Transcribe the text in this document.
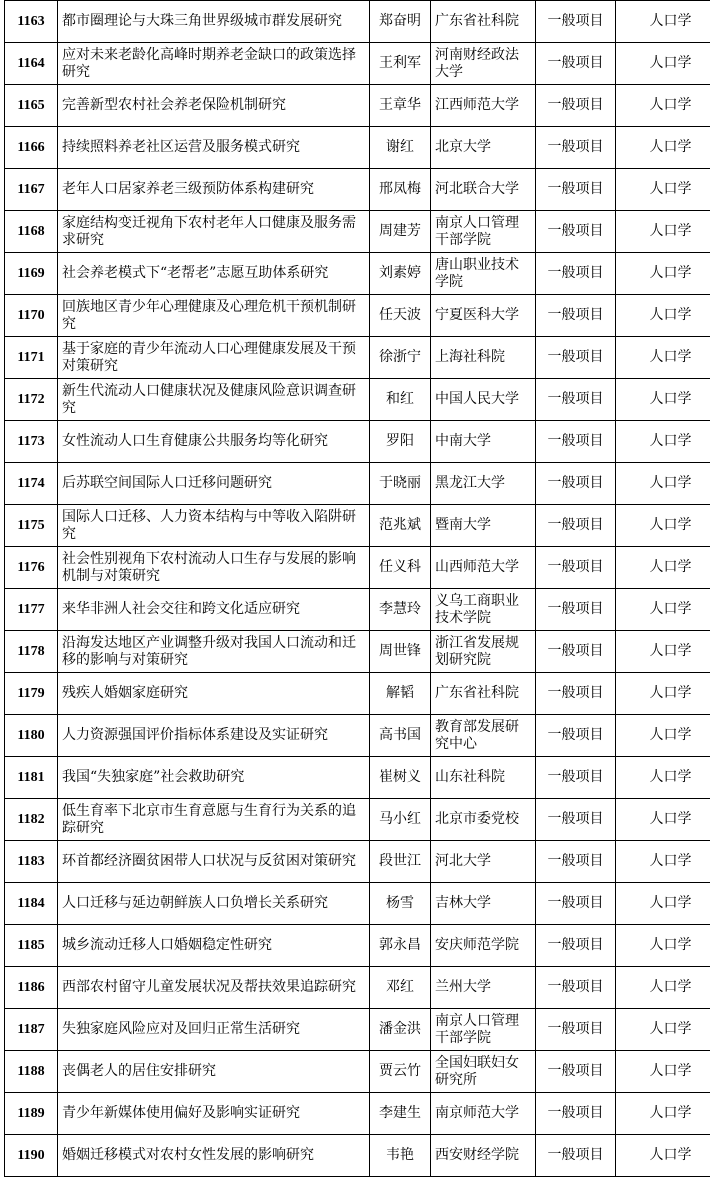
1163	都市圈理论与大珠三角世界级城市群发展研究	郑奋明	广东省社科院	一般项目	人口学
1164	应对未来老龄化高峰时期养老金缺口的政策选择研究	王利军	河南财经政法大学	一般项目	人口学
1165	完善新型农村社会养老保险机制研究	王章华	江西师范大学	一般项目	人口学
1166	持续照料养老社区运营及服务模式研究	谢红	北京大学	一般项目	人口学
1167	老年人口居家养老三级预防体系构建研究	邢凤梅	河北联合大学	一般项目	人口学
1168	家庭结构变迁视角下农村老年人口健康及服务需求研究	周建芳	南京人口管理干部学院	一般项目	人口学
1169	社会养老模式下“老帮老”志愿互助体系研究	刘素婷	唐山职业技术学院	一般项目	人口学
1170	回族地区青少年心理健康及心理危机干预机制研究	任天波	宁夏医科大学	一般项目	人口学
1171	基于家庭的青少年流动人口心理健康发展及干预对策研究	徐浙宁	上海社科院	一般项目	人口学
1172	新生代流动人口健康状况及健康风险意识调查研究	和红	中国人民大学	一般项目	人口学
1173	女性流动人口生育健康公共服务均等化研究	罗阳	中南大学	一般项目	人口学
1174	后苏联空间国际人口迁移问题研究	于晓丽	黑龙江大学	一般项目	人口学
1175	国际人口迁移、人力资本结构与中等收入陷阱研究	范兆斌	暨南大学	一般项目	人口学
1176	社会性别视角下农村流动人口生存与发展的影响机制与对策研究	任义科	山西师范大学	一般项目	人口学
1177	来华非洲人社会交往和跨文化适应研究	李慧玲	义乌工商职业技术学院	一般项目	人口学
1178	沿海发达地区产业调整升级对我国人口流动和迁移的影响与对策研究	周世锋	浙江省发展规划研究院	一般项目	人口学
1179	残疾人婚姻家庭研究	解韬	广东省社科院	一般项目	人口学
1180	人力资源强国评价指标体系建设及实证研究	高书国	教育部发展研究中心	一般项目	人口学
1181	我国“失独家庭”社会救助研究	崔树义	山东社科院	一般项目	人口学
1182	低生育率下北京市生育意愿与生育行为关系的追踪研究	马小红	北京市委党校	一般项目	人口学
1183	环首都经济圈贫困带人口状况与反贫困对策研究	段世江	河北大学	一般项目	人口学
1184	人口迁移与延边朝鲜族人口负增长关系研究	杨雪	吉林大学	一般项目	人口学
1185	城乡流动迁移人口婚姻稳定性研究	郭永昌	安庆师范学院	一般项目	人口学
1186	西部农村留守儿童发展状况及帮扶效果追踪研究	邓红	兰州大学	一般项目	人口学
1187	失独家庭风险应对及回归正常生活研究	潘金洪	南京人口管理干部学院	一般项目	人口学
1188	丧偶老人的居住安排研究	贾云竹	全国妇联妇女研究所	一般项目	人口学
1189	青少年新媒体使用偏好及影响实证研究	李建生	南京师范大学	一般项目	人口学
1190	婚姻迁移模式对农村女性发展的影响研究	韦艳	西安财经学院	一般项目	人口学
